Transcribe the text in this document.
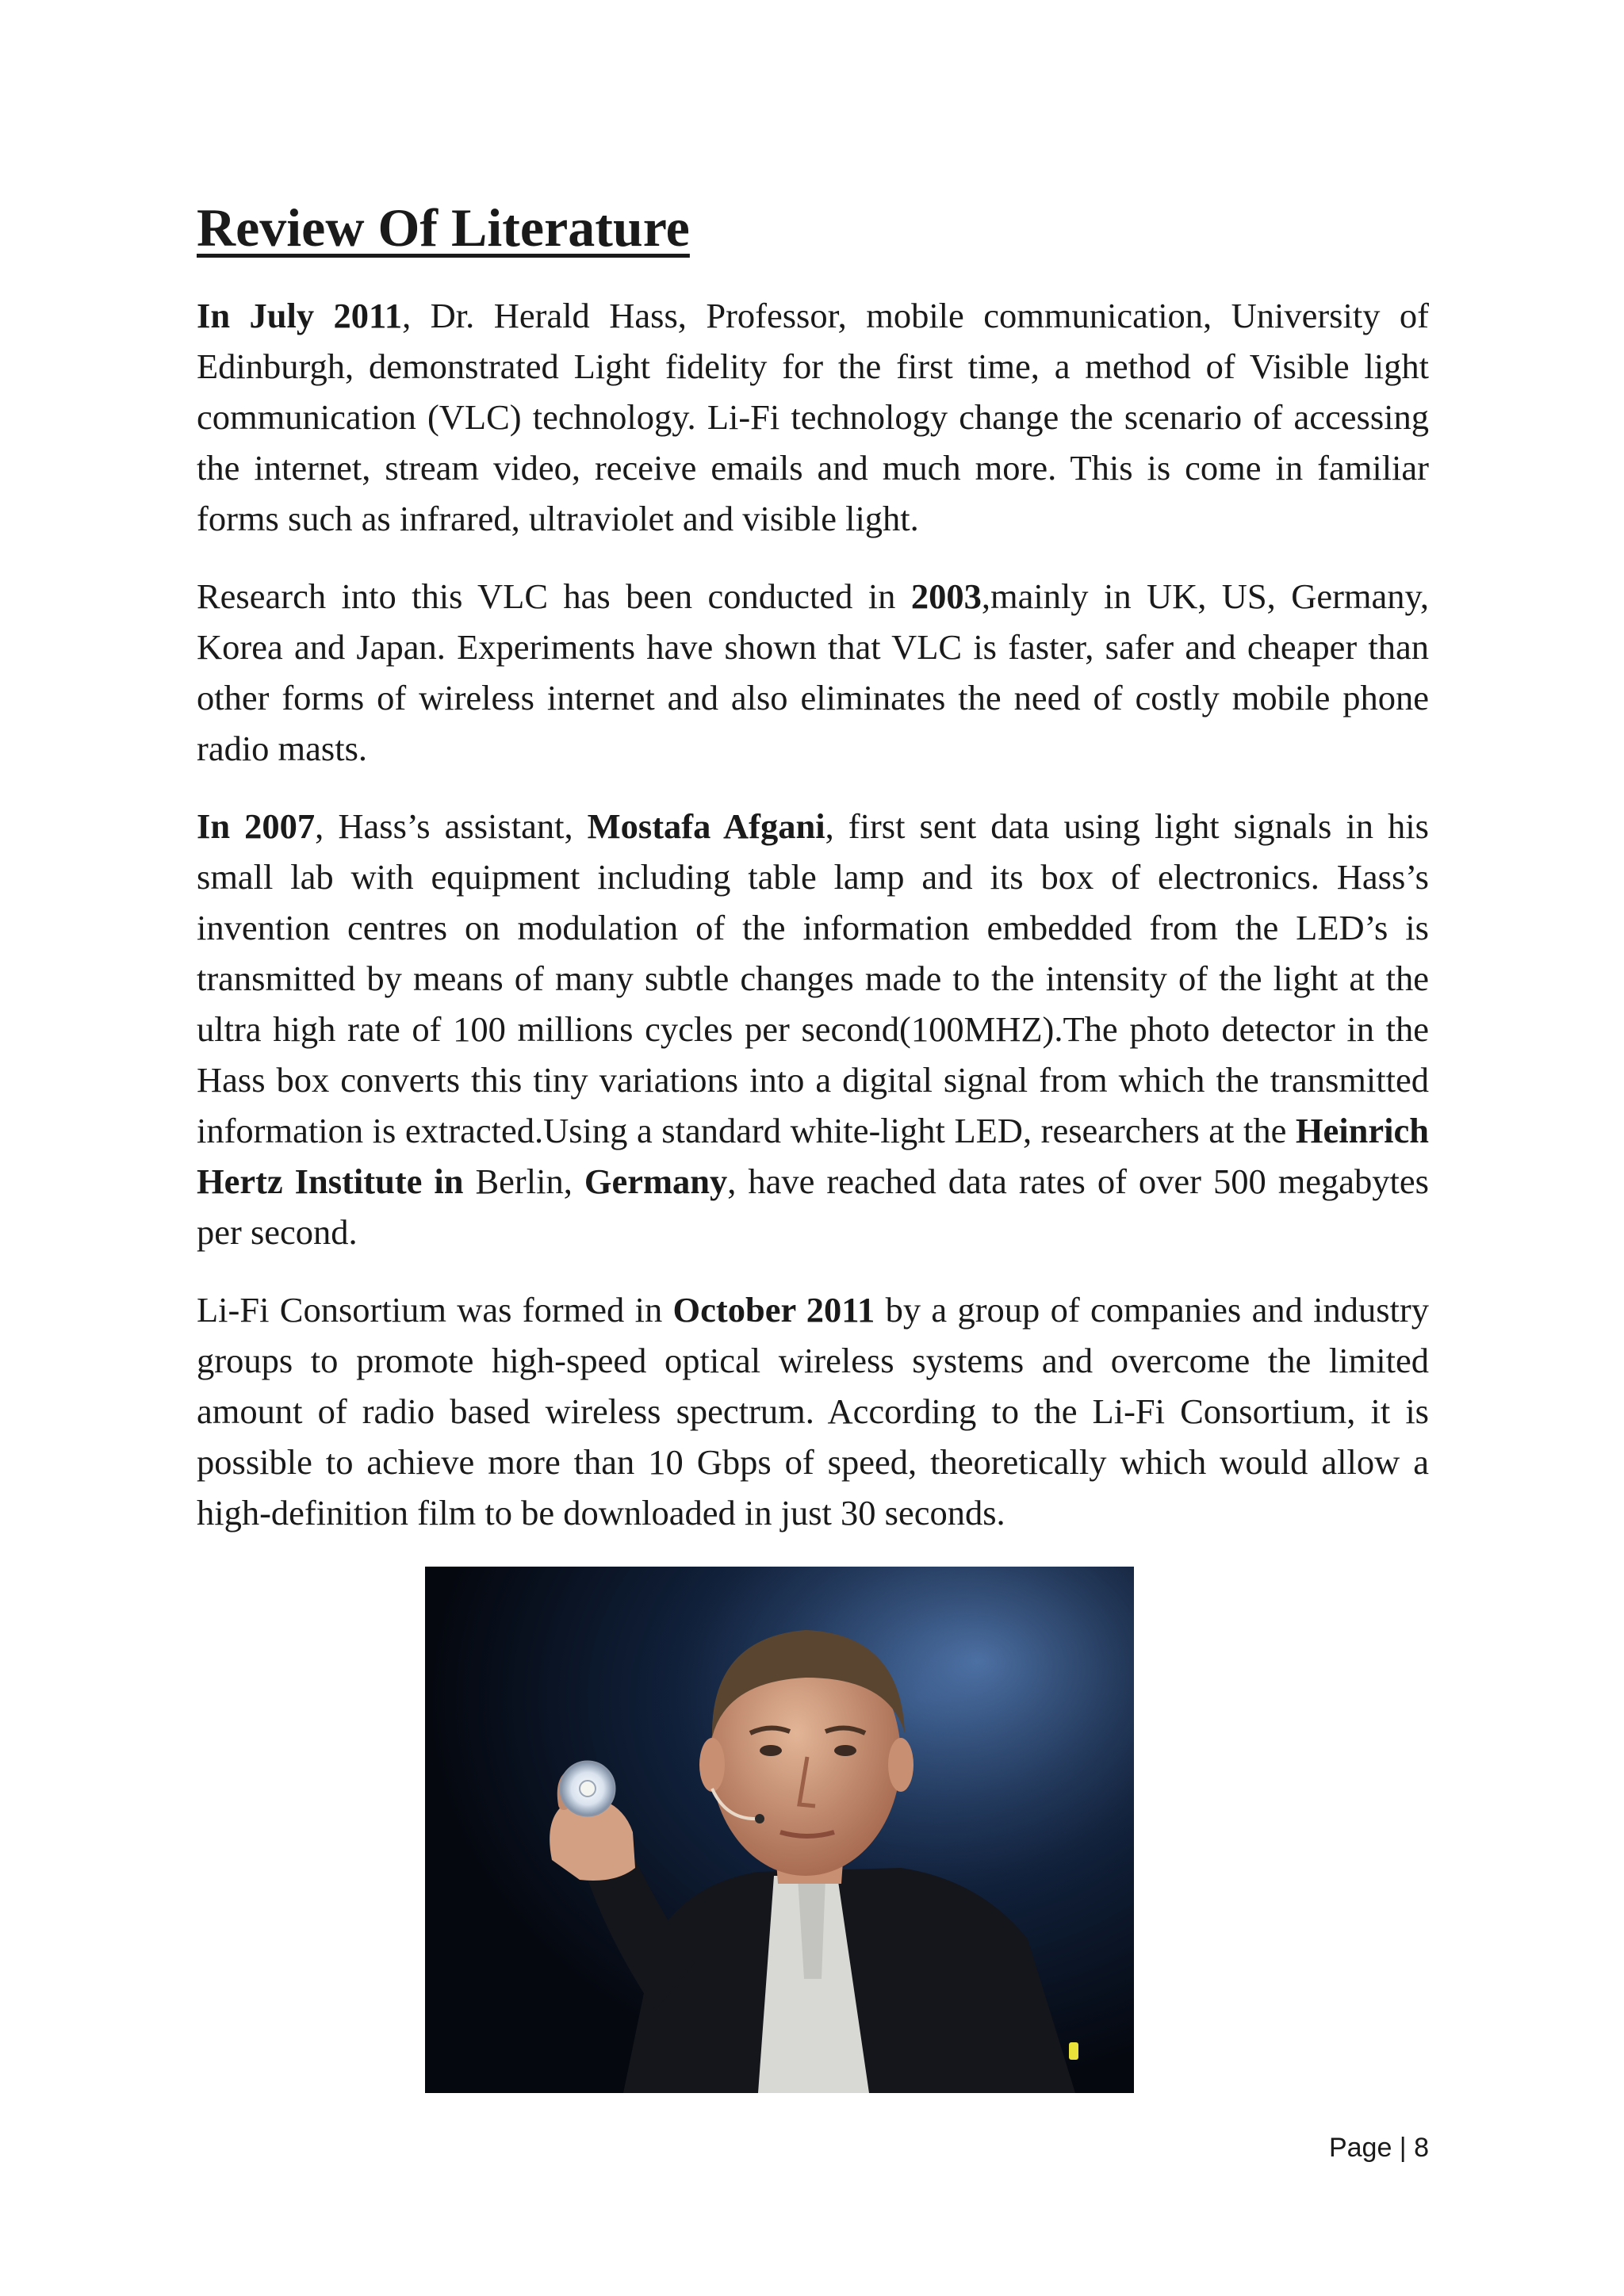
Review Of Literature

In July 2011, Dr. Herald Hass, Professor, mobile communication, University of Edinburgh, demonstrated Light fidelity for the first time, a method of Visible light communication (VLC) technology. Li-Fi technology change the scenario of accessing the internet, stream video, receive emails and much more. This is come in familiar forms such as infrared, ultraviolet and visible light.

Research into this VLC has been conducted in 2003,mainly in UK, US, Germany, Korea and Japan. Experiments have shown that VLC is faster, safer and cheaper than other forms of wireless internet and also eliminates the need of costly mobile phone radio masts.

In 2007, Hass’s assistant, Mostafa Afgani, first sent data using light signals in his small lab with equipment including table lamp and its box of electronics. Hass’s invention centres on modulation of the information embedded from the LED’s is transmitted by means of many subtle changes made to the intensity of the light at the ultra high rate of 100 millions cycles per second(100MHZ).The photo detector in the Hass box converts this tiny variations into a digital signal from which the transmitted information is extracted.Using a standard white-light LED, researchers at the Heinrich Hertz Institute in Berlin, Germany, have reached data rates of over 500 megabytes per second.

Li-Fi Consortium was formed in October 2011 by a group of companies and industry groups to promote high-speed optical wireless systems and overcome the limited amount of radio based wireless spectrum. According to the Li-Fi Consortium, it is possible to achieve more than 10 Gbps of speed, theoretically which would allow a high-definition film to be downloaded in just 30 seconds.

Page | 8
